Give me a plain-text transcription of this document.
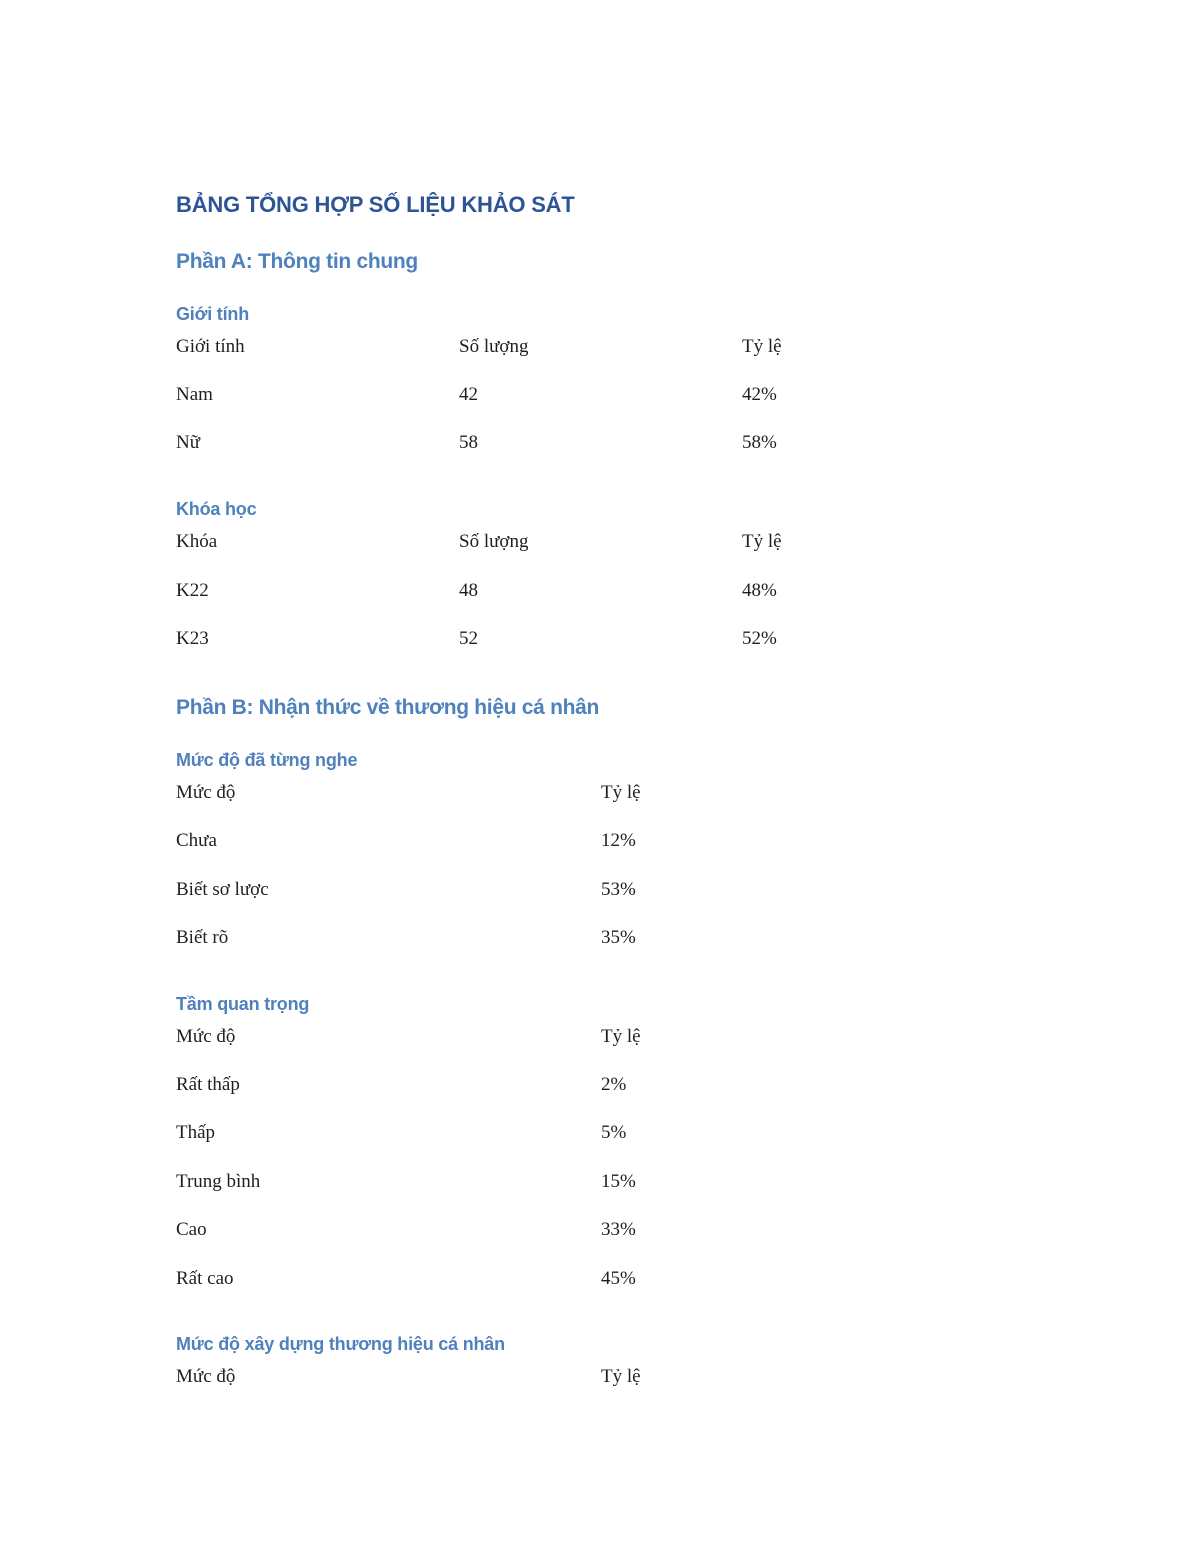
BẢNG TỔNG HỢP SỐ LIỆU KHẢO SÁT
Phần A: Thông tin chung
Giới tính
Giới tính	Số lượng	Tỷ lệ
Nam	42	42%
Nữ	58	58%
Khóa học
Khóa	Số lượng	Tỷ lệ
K22	48	48%
K23	52	52%
Phần B: Nhận thức về thương hiệu cá nhân
Mức độ đã từng nghe
Mức độ	Tỷ lệ
Chưa	12%
Biết sơ lược	53%
Biết rõ	35%
Tầm quan trọng
Mức độ	Tỷ lệ
Rất thấp	2%
Thấp	5%
Trung bình	15%
Cao	33%
Rất cao	45%
Mức độ xây dựng thương hiệu cá nhân
Mức độ	Tỷ lệ
